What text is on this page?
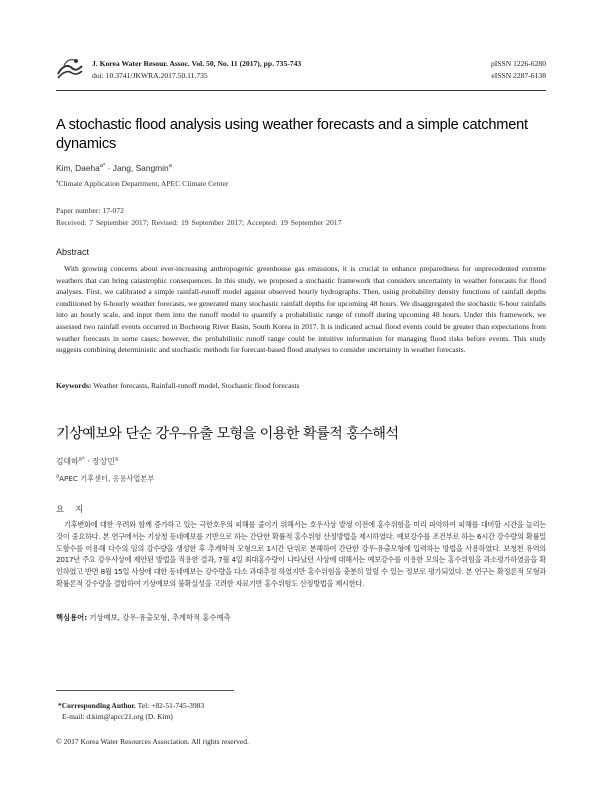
J. Korea Water Resour. Assoc. Vol. 50, No. 11 (2017), pp. 735-743
doi: 10.3741/JKWRA.2017.50.11.735
pISSN 1226-6280
eISSN 2287-6138
A stochastic flood analysis using weather forecasts and a simple catchment dynamics
Kim, Daeha$^{a*}$ · Jang, Sangmin$^a$
$^a$Climate Application Department, APEC Climate Center
Paper number: 17-072
Received: 7 September 2017; Revised: 19 September 2017; Accepted: 19 September 2017
Abstract
With growing concerns about ever-increasing anthropogenic greenhouse gas emissions, it is crucial to enhance preparedness for unprecedented extreme weathers that can bring catastrophic consequences. In this study, we proposed a stochastic framework that considers uncertainty in weather forecasts for flood analyses. First, we calibrated a simple rainfall-runoff model against observed hourly hydrographs. Then, using probability density functions of rainfall depths conditioned by 6-hourly weather forecasts, we generated many stochastic rainfall depths for upcoming 48 hours. We disaggregated the stochastic 6-hour rainfalls into an hourly scale, and input them into the runoff model to quantify a probabilistic range of runoff during upcoming 48 hours. Under this framework, we assessed two rainfall events occurred in Bocheong River Basin, South Korea in 2017. It is indicated actual flood events could be greater than expectations from weather forecasts in some cases; however, the probabilistic runoff range could be intuitive information for managing flood risks before events. This study suggests combining deterministic and stochastic methods for forecast-based flood analyses to consider uncertainty in weather forecasts.
Keywords: Weather forecasts, Rainfall-runoff model, Stochastic flood forecasts
기상예보와 단순 강우-유출 모형을 이용한 확률적 홍수해석
김대하$^{a*}$ · 장상민$^a$
$^a$APEC 기후센터, 응용사업본부
요 지
기후변화에 대한 우려와 함께 증가하고 있는 극한호우의 피해를 줄이기 위해서는 호우사상 발생 이전에 홍수위험을 미리 파악하여 피해를 대비할 시간을 늘리는 것이 중요하다. 본 연구에서는 기상청 동네예보를 기반으로 하는 간단한 확률적 홍수위험 산정방법을 제시하였다. 예보강수를 조건부로 하는 6시간 강수량의 확률밀도함수를 이용해 다수의 임의 강수량을 생성한 후 추계학적 모형으로 1시간 단위로 분해하여 간단한 강우-유출모형에 입력하는 방법을 사용하였다. 보청천 유역의 2017년 주요 강우사상에 제안된 방법을 적용한 결과, 7월 4일 최대홍수량이 나타났던 사상에 대해서는 예보강수를 이용한 모의는 홍수위험을 과소평가하였음을 확인하였고 반면 8월 15일 사상에 대한 동네예보는 강수량을 다소 과대추정 하였지만 홍수위험을 충분히 알릴 수 있는 정보로 평가되었다. 본 연구는 확정론적 모형과 확률론적 강수량을 결합하여 기상예보의 불확실성을 고려한 자료기반 홍수위험도 산정방법을 제시한다.
핵심용어: 기상예보, 강우-유출모형, 추계학적 홍수예측
*Corresponding Author. Tel: +82-51-745-3983
E-mail: d.kim@apcc21.org (D. Kim)
© 2017 Korea Water Resources Association. All rights reserved.
